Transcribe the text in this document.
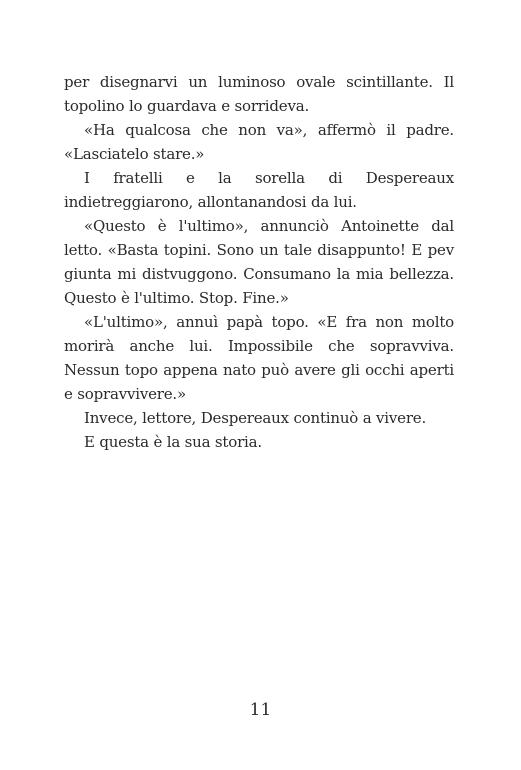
per disegnarvi un luminoso ovale scintillante. Il topolino lo guardava e sorrideva.

«Ha qualcosa che non va», affermò il padre. «Lasciatelo stare.»

I fratelli e la sorella di Despereaux indietreggiarono, allontanandosi da lui.

«Questo è l'ultimo», annunciò Antoinette dal letto. «Basta topini. Sono un tale disappunto! E pev giunta mi distvuggono. Consumano la mia bellezza. Questo è l'ultimo. Stop. Fine.»

«L'ultimo», annuì papà topo. «E fra non molto morirà anche lui. Impossibile che sopravviva. Nessun topo appena nato può avere gli occhi aperti e sopravvivere.»

Invece, lettore, Despereaux continuò a vivere.

E questa è la sua storia.

11
